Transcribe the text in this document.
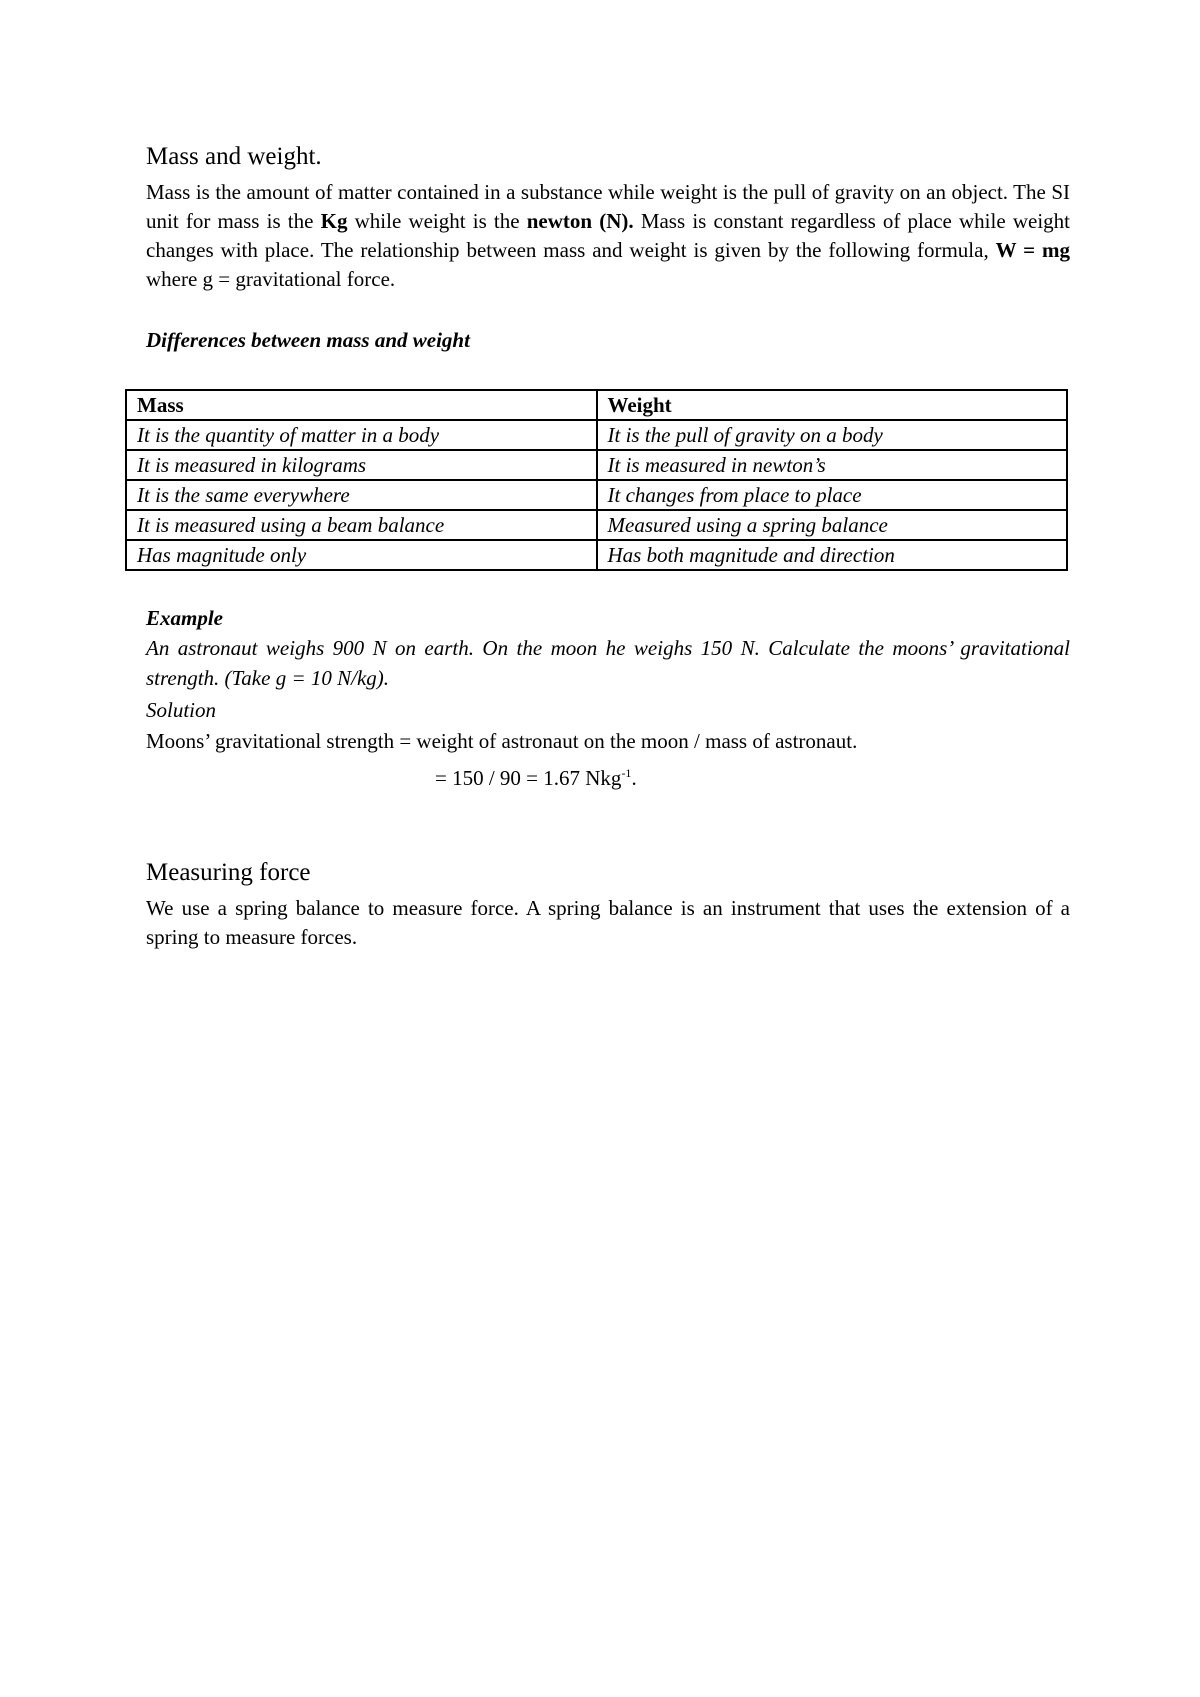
Mass and weight.

Mass is the amount of matter contained in a substance while weight is the pull of gravity on an object. The SI unit for mass is the Kg while weight is the newton (N). Mass is constant regardless of place while weight changes with place. The relationship between mass and weight is given by the following formula, W = mg where g = gravitational force.

Differences between mass and weight

Mass	Weight
It is the quantity of matter in a body	It is the pull of gravity on a body
It is measured in kilograms	It is measured in newton’s
It is the same everywhere	It changes from place to place
It is measured using a beam balance	Measured using a spring balance
Has magnitude only	Has both magnitude and direction

Example

An astronaut weighs 900 N on earth. On the moon he weighs 150 N. Calculate the moons’ gravitational strength. (Take g = 10 N/kg).

Solution

Moons’ gravitational strength = weight of astronaut on the moon / mass of astronaut.

= 150 / 90 = 1.67 Nkg$^{-1}$.

Measuring force

We use a spring balance to measure force. A spring balance is an instrument that uses the extension of a spring to measure forces.
